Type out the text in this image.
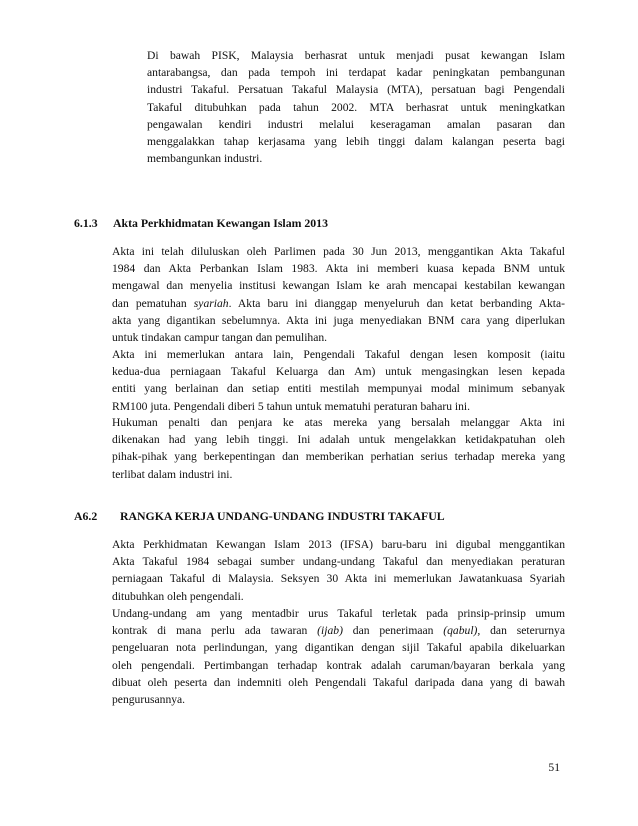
Di bawah PISK, Malaysia berhasrat untuk menjadi pusat kewangan Islam
antarabangsa, dan pada tempoh ini terdapat kadar peningkatan pembangunan
industri Takaful. Persatuan Takaful Malaysia (MTA), persatuan bagi Pengendali
Takaful ditubuhkan pada tahun 2002. MTA berhasrat untuk meningkatkan
pengawalan kendiri industri melalui keseragaman amalan pasaran dan
menggalakkan tahap kerjasama yang lebih tinggi dalam kalangan peserta bagi
membangunkan industri.
6.1.3 Akta Perkhidmatan Kewangan Islam 2013
Akta ini telah diluluskan oleh Parlimen pada 30 Jun 2013, menggantikan Akta Takaful
1984 dan Akta Perbankan Islam 1983. Akta ini memberi kuasa kepada BNM untuk
mengawal dan menyelia institusi kewangan Islam ke arah mencapai kestabilan kewangan
dan pematuhan syariah. Akta baru ini dianggap menyeluruh dan ketat berbanding Akta-
akta yang digantikan sebelumnya. Akta ini juga menyediakan BNM cara yang diperlukan
untuk tindakan campur tangan dan pemulihan.
Akta ini memerlukan antara lain, Pengendali Takaful dengan lesen komposit (iaitu
kedua-dua perniagaan Takaful Keluarga dan Am) untuk mengasingkan lesen kepada
entiti yang berlainan dan setiap entiti mestilah mempunyai modal minimum sebanyak
RM100 juta. Pengendali diberi 5 tahun untuk mematuhi peraturan baharu ini.
Hukuman penalti dan penjara ke atas mereka yang bersalah melanggar Akta ini
dikenakan had yang lebih tinggi. Ini adalah untuk mengelakkan ketidakpatuhan oleh
pihak-pihak yang berkepentingan dan memberikan perhatian serius terhadap mereka yang
terlibat dalam industri ini.
A6.2 RANGKA KERJA UNDANG-UNDANG INDUSTRI TAKAFUL
Akta Perkhidmatan Kewangan Islam 2013 (IFSA) baru-baru ini digubal menggantikan
Akta Takaful 1984 sebagai sumber undang-undang Takaful dan menyediakan peraturan
perniagaan Takaful di Malaysia. Seksyen 30 Akta ini memerlukan Jawatankuasa Syariah
ditubuhkan oleh pengendali.
Undang-undang am yang mentadbir urus Takaful terletak pada prinsip-prinsip umum
kontrak di mana perlu ada tawaran (ijab) dan penerimaan (qabul), dan seterurnya
pengeluaran nota perlindungan, yang digantikan dengan sijil Takaful apabila dikeluarkan
oleh pengendali. Pertimbangan terhadap kontrak adalah caruman/bayaran berkala yang
dibuat oleh peserta dan indemniti oleh Pengendali Takaful daripada dana yang di bawah
pengurusannya.
51
